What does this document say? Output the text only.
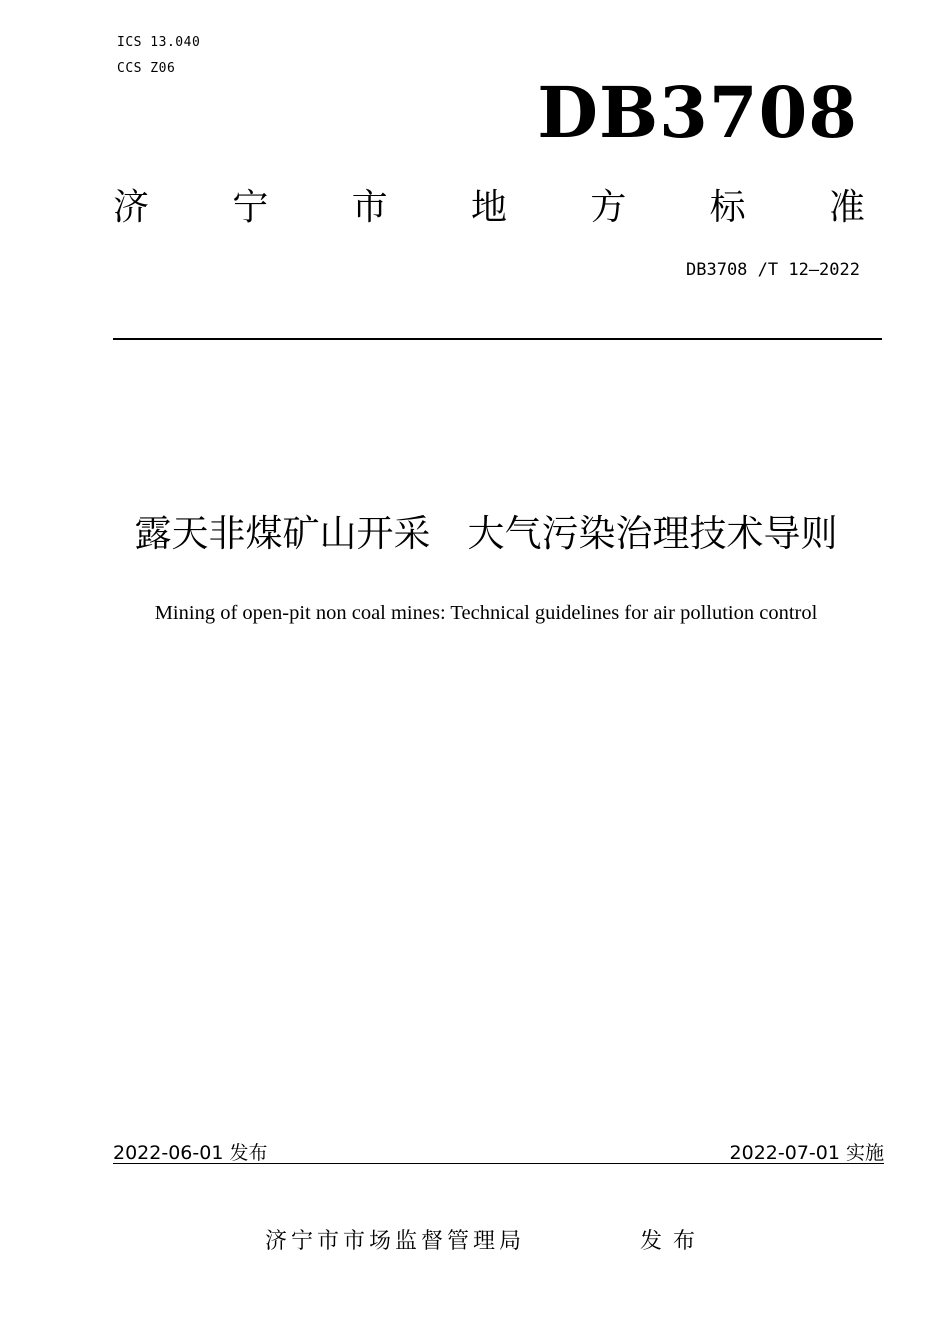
ICS 13.040
CCS Z06
DB3708
济 宁 市 地 方 标 准
DB3708 /T 12—2022
露天非煤矿山开采　大气污染治理技术导则
Mining of open-pit non coal mines: Technical guidelines for air pollution control
2022-06-01 发布	2022-07-01 实施
济宁市市场监督管理局	发布
